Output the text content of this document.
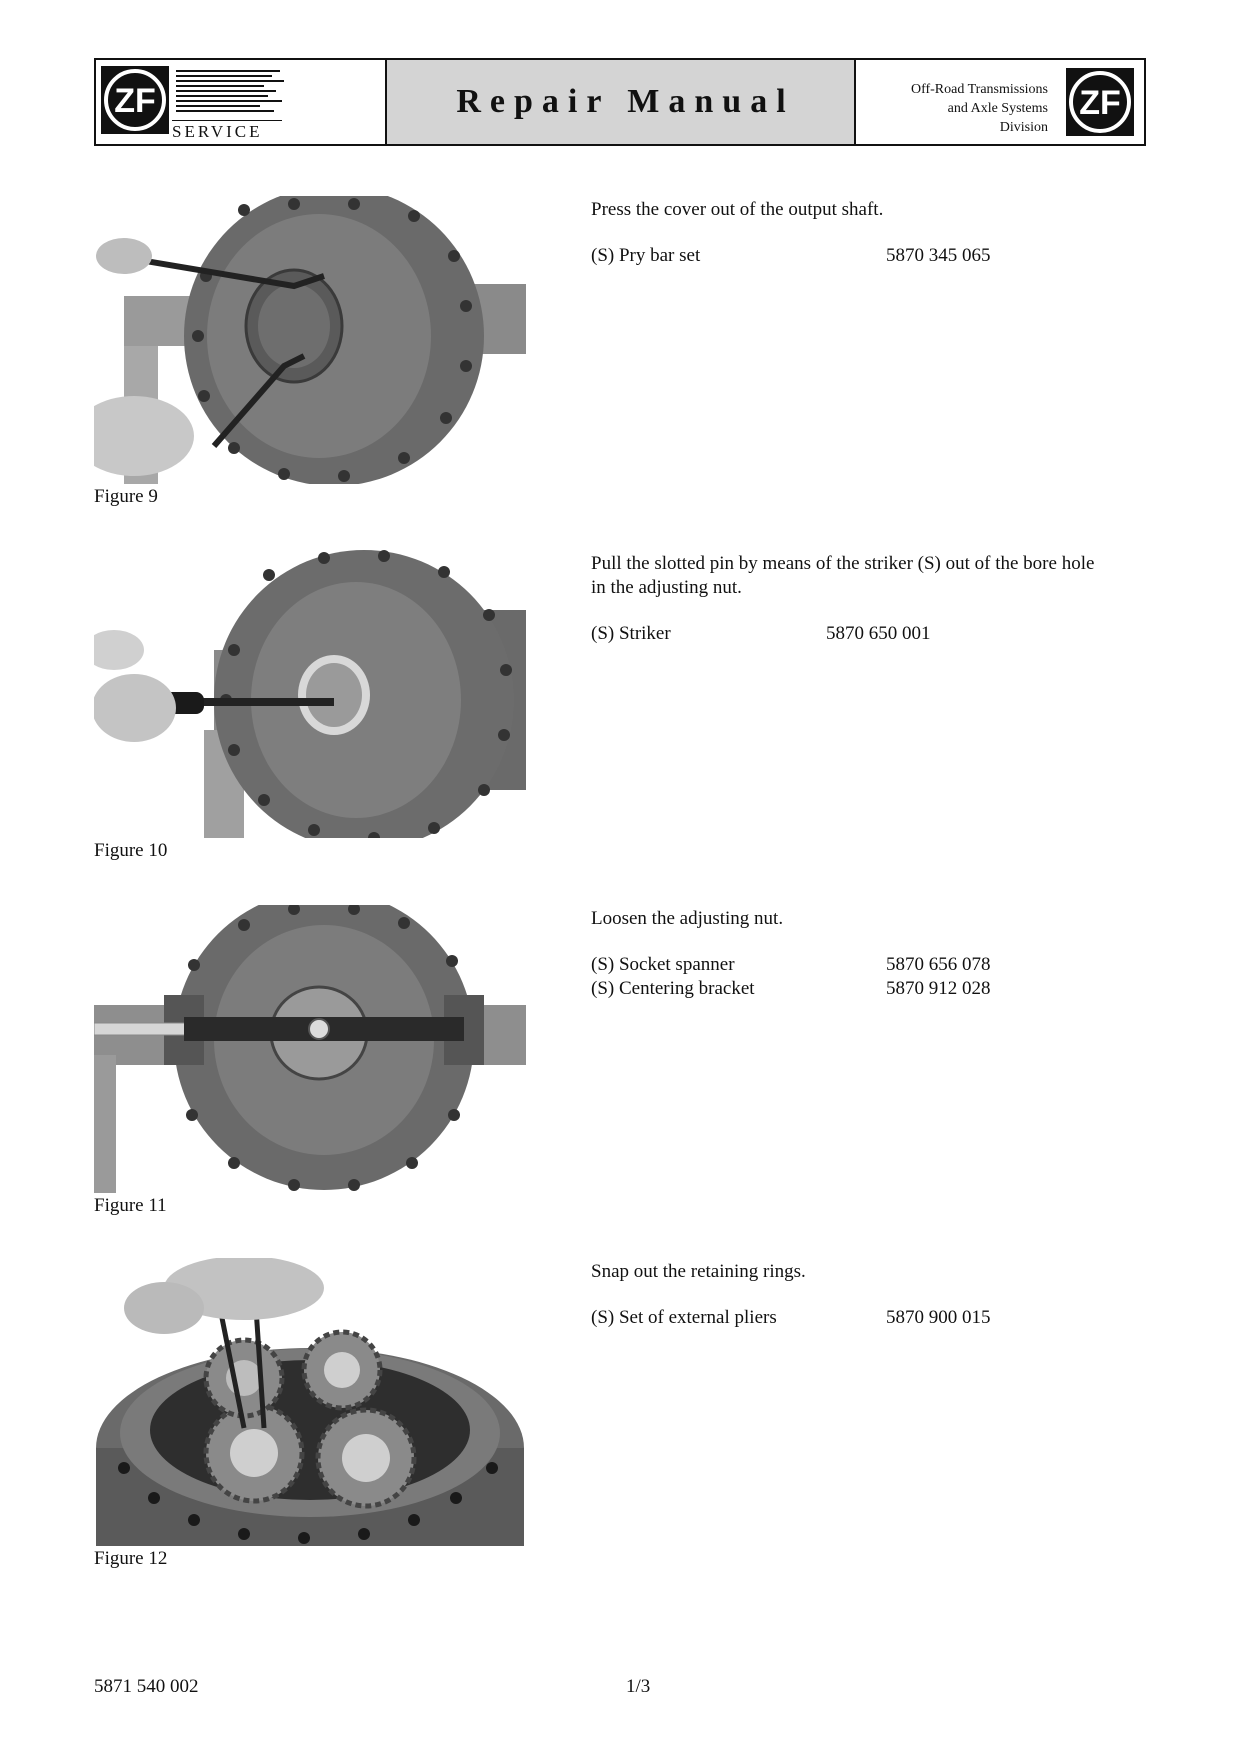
ZF
SERVICE
Repair Manual	Off-Road Transmissions
and Axle Systems
Division
ZF
Figure 9
Press the cover out of the output shaft.
(S) Pry bar set	5870 345 065
Figure 10
Pull the slotted pin by means of the striker (S) out of the bore hole in the adjusting nut.
(S) Striker	5870 650 001
Figure 11
Loosen the adjusting nut.
(S) Socket spanner	5870 656 078
(S) Centering bracket	5870 912 028
Figure 12
Snap out the retaining rings.
(S) Set of external pliers	5870 900 015
5871 540 002	1/3
